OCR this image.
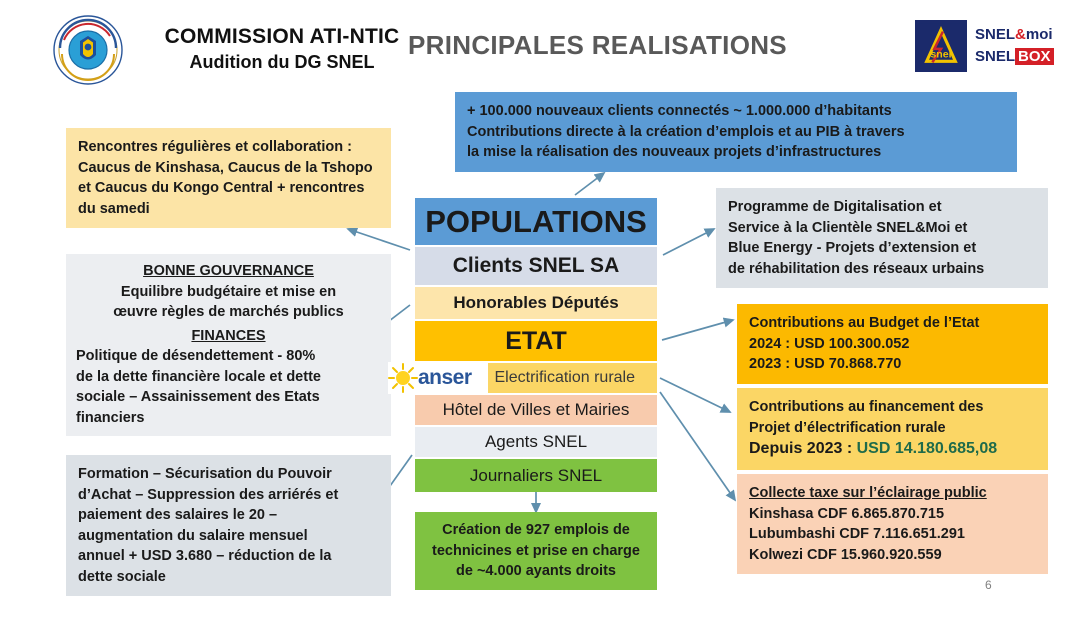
COMMISSION ATI-NTIC
Audition du DG SNEL
PRINCIPALES REALISATIONS	snel
SNEL&moi
SNEL BOX
+ 100.000 nouveaux clients connectés ~ 1.000.000 d’habitants
Contributions directe à la création d’emplois et au PIB à travers
la mise la réalisation des nouveaux projets d’infrastructures
Rencontres régulières et collaboration :
Caucus de Kinshasa, Caucus de la Tshopo
et Caucus du Kongo Central + rencontres
du samedi
BONNE GOUVERNANCE
Equilibre budgétaire et mise en
œuvre règles de marchés publics
FINANCES
Politique de désendettement - 80%
de la dette financière locale et dette
sociale – Assainissement des Etats
financiers
Formation – Sécurisation du Pouvoir
d’Achat – Suppression des arriérés et
paiement des salaires le 20 –
augmentation du salaire mensuel
annuel + USD 3.680 – réduction de la
dette sociale
Programme de Digitalisation et
Service à la Clientèle SNEL&Moi et
Blue Energy - Projets d’extension et
de réhabilitation des réseaux urbains
Contributions au Budget de l’Etat
2024 : USD 100.300.052
2023 : USD 70.868.770
Contributions au financement des
Projet d’électrification rurale
Depuis 2023 : USD 14.180.685,08
Collecte taxe sur l’éclairage public
Kinshasa CDF 6.865.870.715
Lubumbashi CDF 7.116.651.291
Kolwezi CDF 15.960.920.559
POPULATIONS
Clients SNEL SA
Honorables Députés
ETAT
Electrification rurale
Hôtel de Villes et Mairies
Agents SNEL
Journaliers SNEL
anser
Création de 927 emplois de
technicines et prise en charge
de ~4.000 ayants droits
6
